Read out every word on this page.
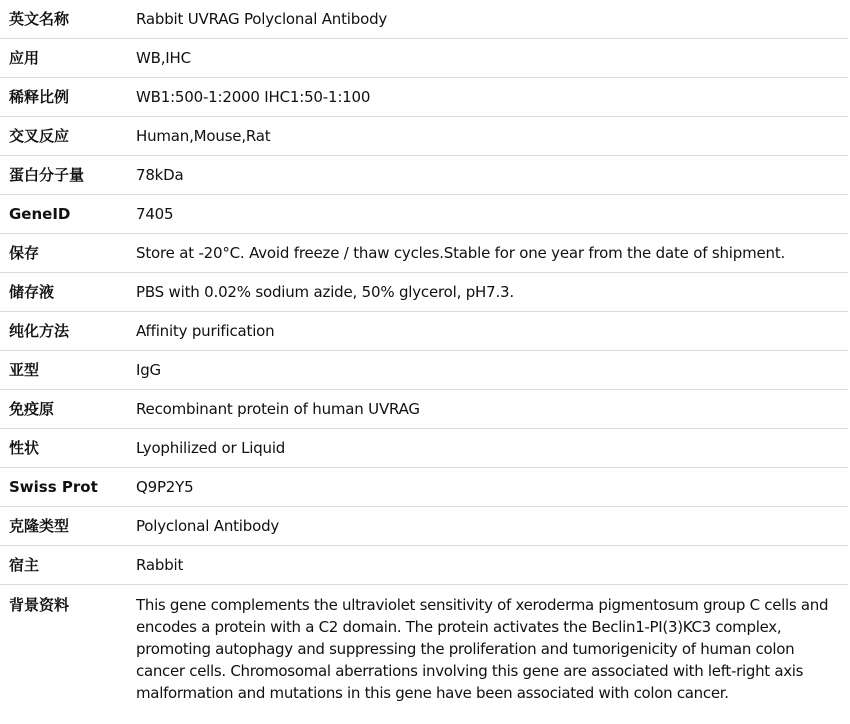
英文名称	Rabbit UVRAG Polyclonal Antibody
应用	WB,IHC
稀释比例	WB1:500-1:2000 IHC1:50-1:100
交叉反应	Human,Mouse,Rat
蛋白分子量	78kDa
GeneID	7405
保存	Store at -20°C. Avoid freeze / thaw cycles.Stable for one year from the date of shipment.
储存液	PBS with 0.02% sodium azide, 50% glycerol, pH7.3.
纯化方法	Affinity purification
亚型	IgG
免疫原	Recombinant protein of human UVRAG
性状	Lyophilized or Liquid
Swiss Prot	Q9P2Y5
克隆类型	Polyclonal Antibody
宿主	Rabbit
背景资料	This gene complements the ultraviolet sensitivity of xeroderma pigmentosum group C cells and encodes a protein with a C2 domain. The protein activates the Beclin1-PI(3)KC3 complex, promoting autophagy and suppressing the proliferation and tumorigenicity of human colon cancer cells. Chromosomal aberrations involving this gene are associated with left-right axis malformation and mutations in this gene have been associated with colon cancer.
